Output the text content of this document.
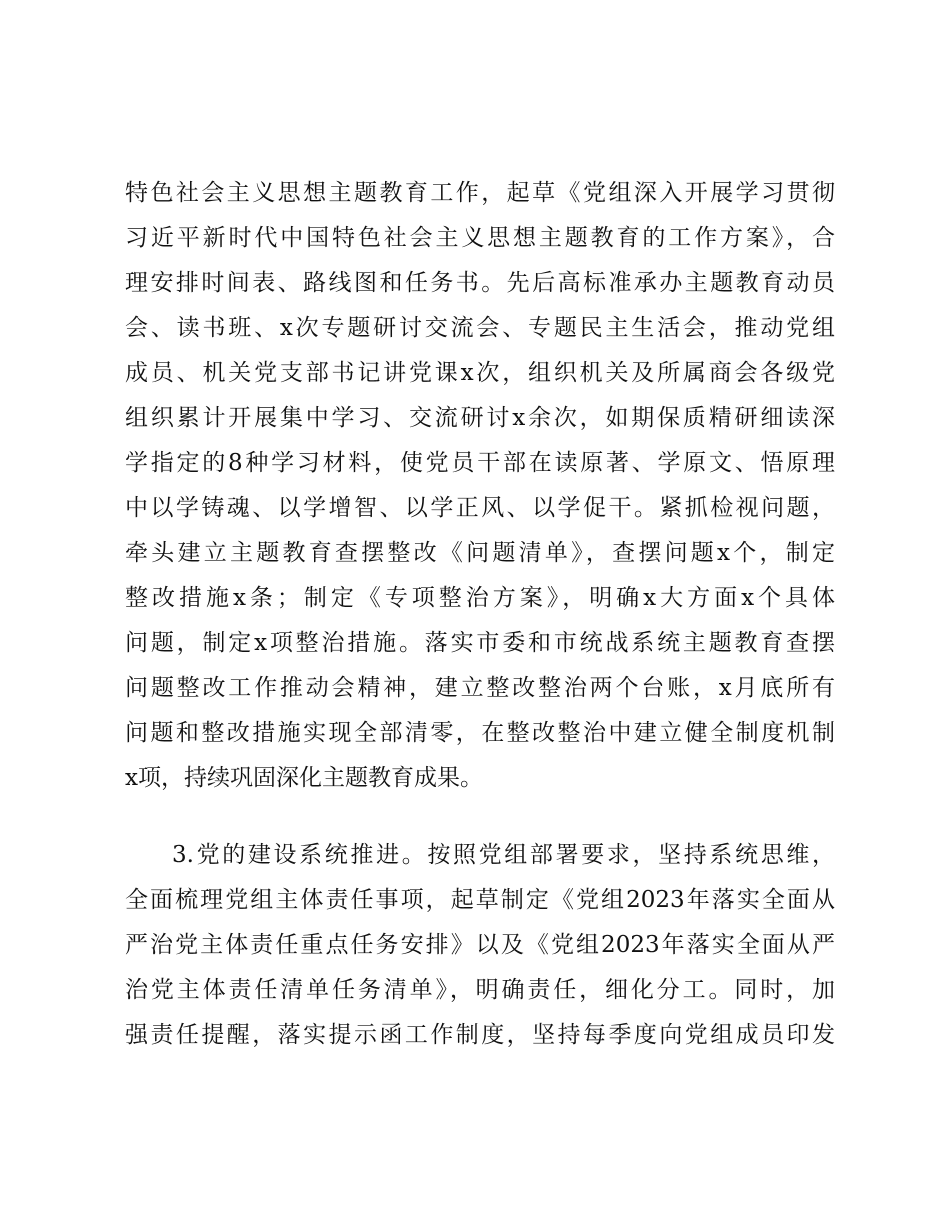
特色社会主义思想主题教育工作，起草《党组深入开展学习贯彻
习近平新时代中国特色社会主义思想主题教育的工作方案》，合
理安排时间表、路线图和任务书。先后高标准承办主题教育动员
会、读书班、x次专题研讨交流会、专题民主生活会，推动党组
成员、机关党支部书记讲党课x次，组织机关及所属商会各级党
组织累计开展集中学习、交流研讨x余次，如期保质精研细读深
学指定的8种学习材料，使党员干部在读原著、学原文、悟原理
中以学铸魂、以学增智、以学正风、以学促干。紧抓检视问题，
牵头建立主题教育查摆整改《问题清单》，查摆问题x个，制定
整改措施x条；制定《专项整治方案》，明确x大方面x个具体
问题，制定x项整治措施。落实市委和市统战系统主题教育查摆
问题整改工作推动会精神，建立整改整治两个台账，x月底所有
问题和整改措施实现全部清零，在整改整治中建立健全制度机制
x项，持续巩固深化主题教育成果。
3.党的建设系统推进。按照党组部署要求，坚持系统思维，
全面梳理党组主体责任事项，起草制定《党组2023年落实全面从
严治党主体责任重点任务安排》以及《党组2023年落实全面从严
治党主体责任清单任务清单》，明确责任，细化分工。同时，加
强责任提醒，落实提示函工作制度，坚持每季度向党组成员印发
